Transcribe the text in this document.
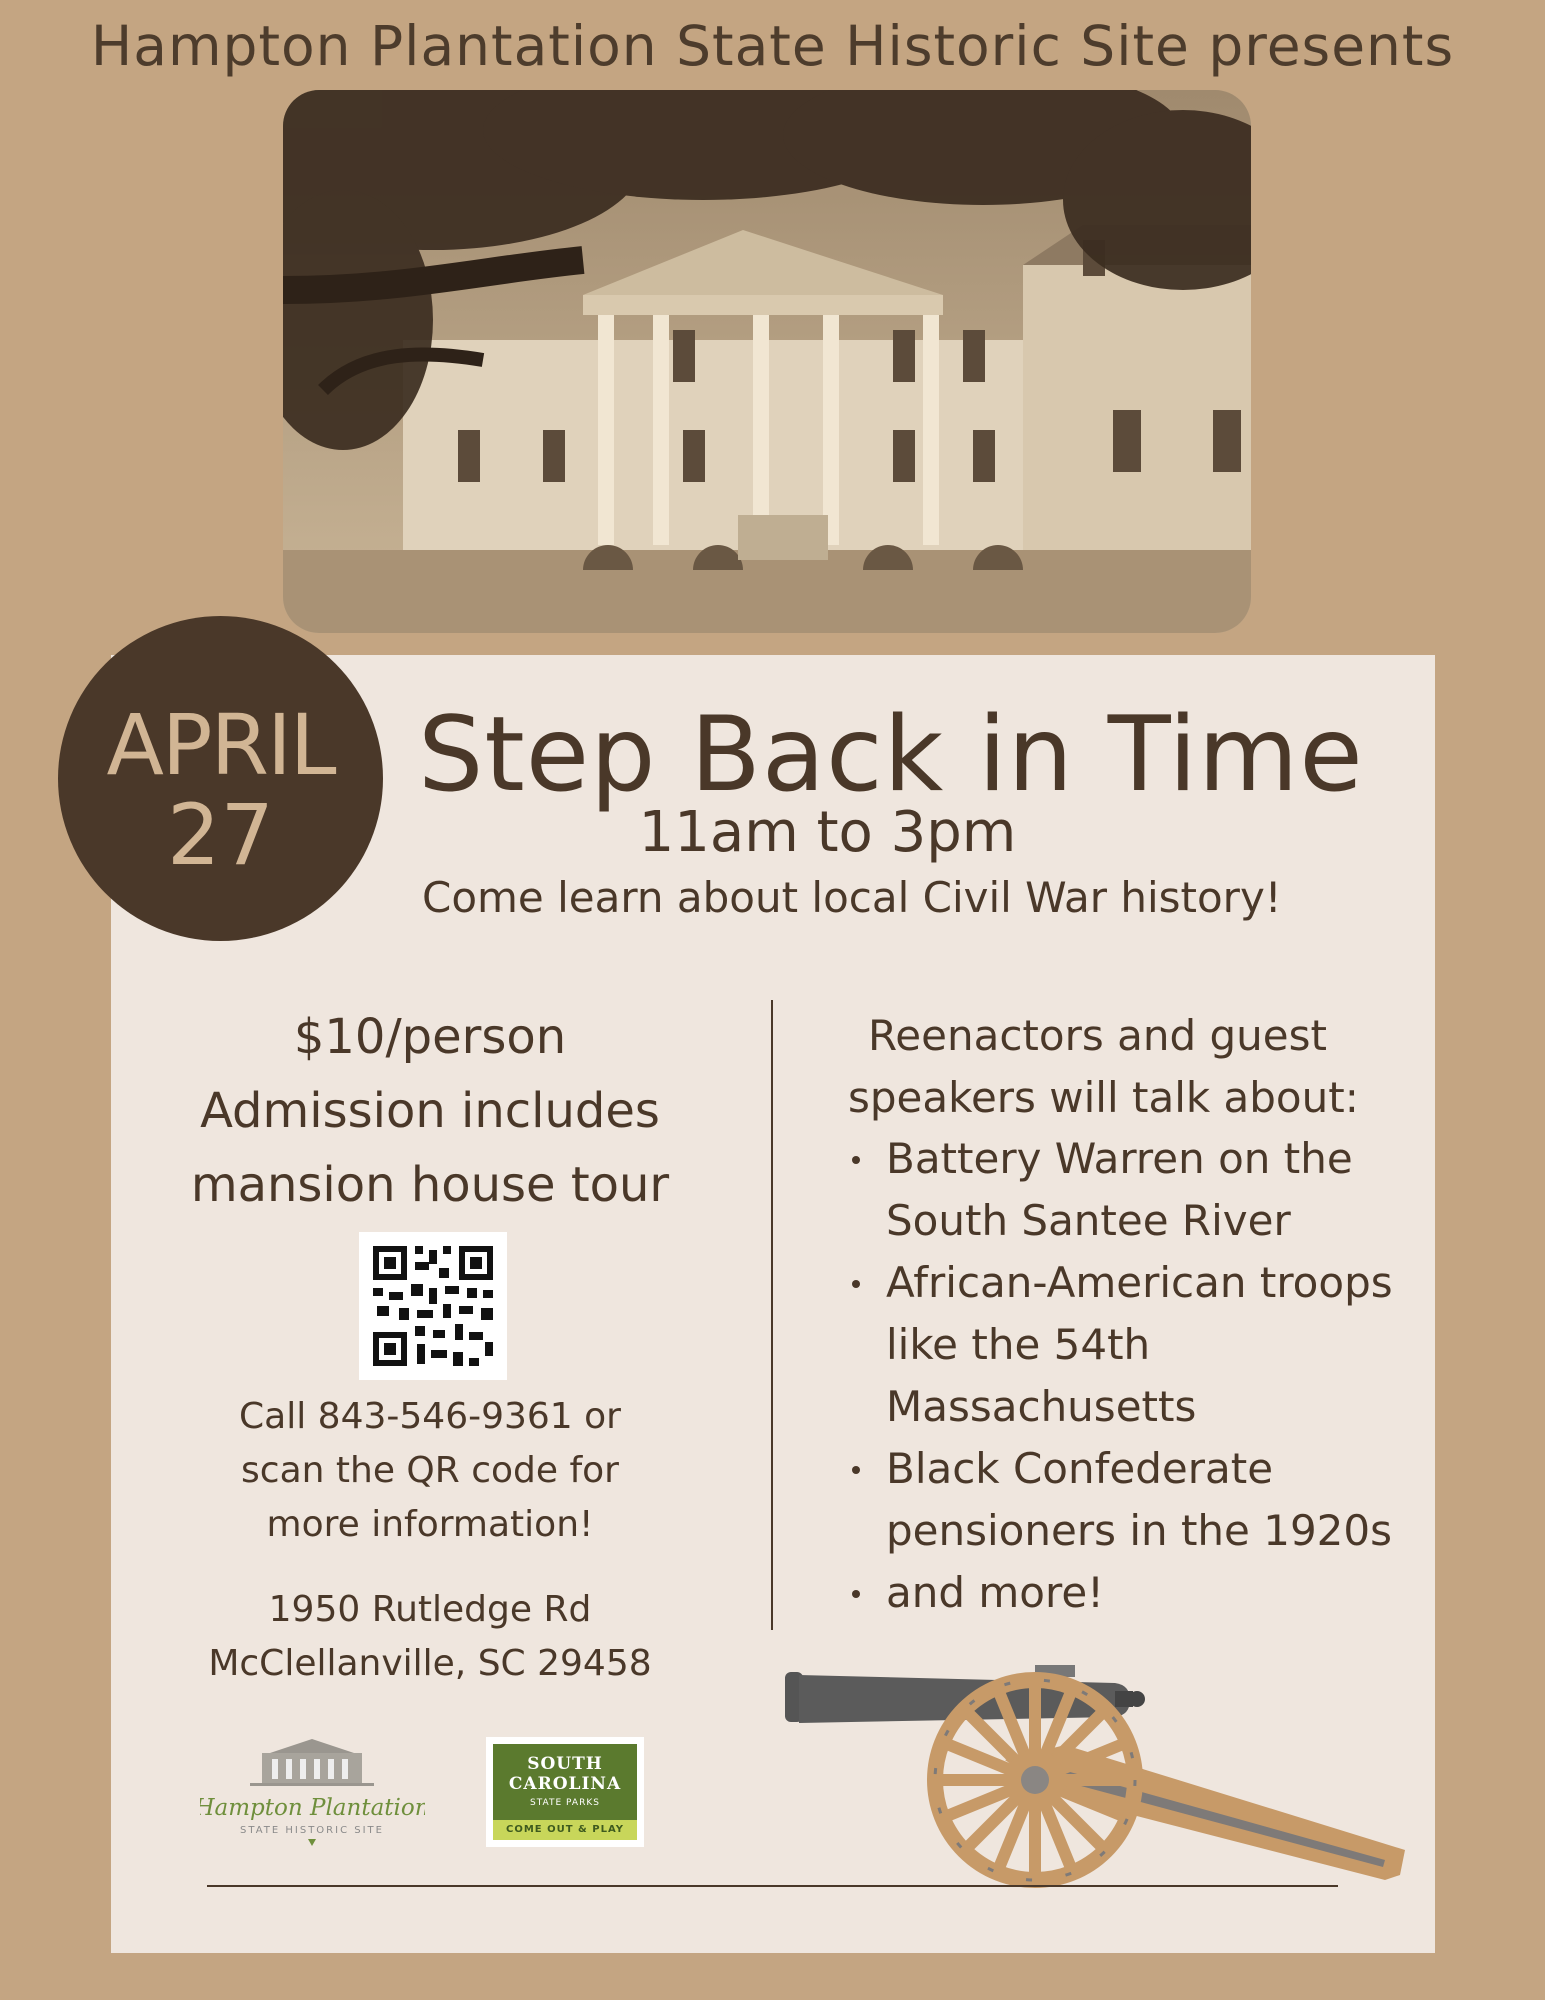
Hampton Plantation State Historic Site presents
APRIL
27
Step Back in Time
11am to 3pm
Come learn about local Civil War history!
$10/person
Admission includes
mansion house tour
Call 843-546-9361 or
scan the QR code for
more information!
1950 Rutledge Rd
McClellanville, SC 29458
Reenactors and guest
speakers will talk about:
Battery Warren on the South Santee River
African-American troops like the 54th Massachusetts
Black Confederate pensioners in the 1920s
and more!
Hampton Plantation
STATE HISTORIC SITE
SOUTH
CAROLINA
STATE PARKS
COME OUT & PLAY
